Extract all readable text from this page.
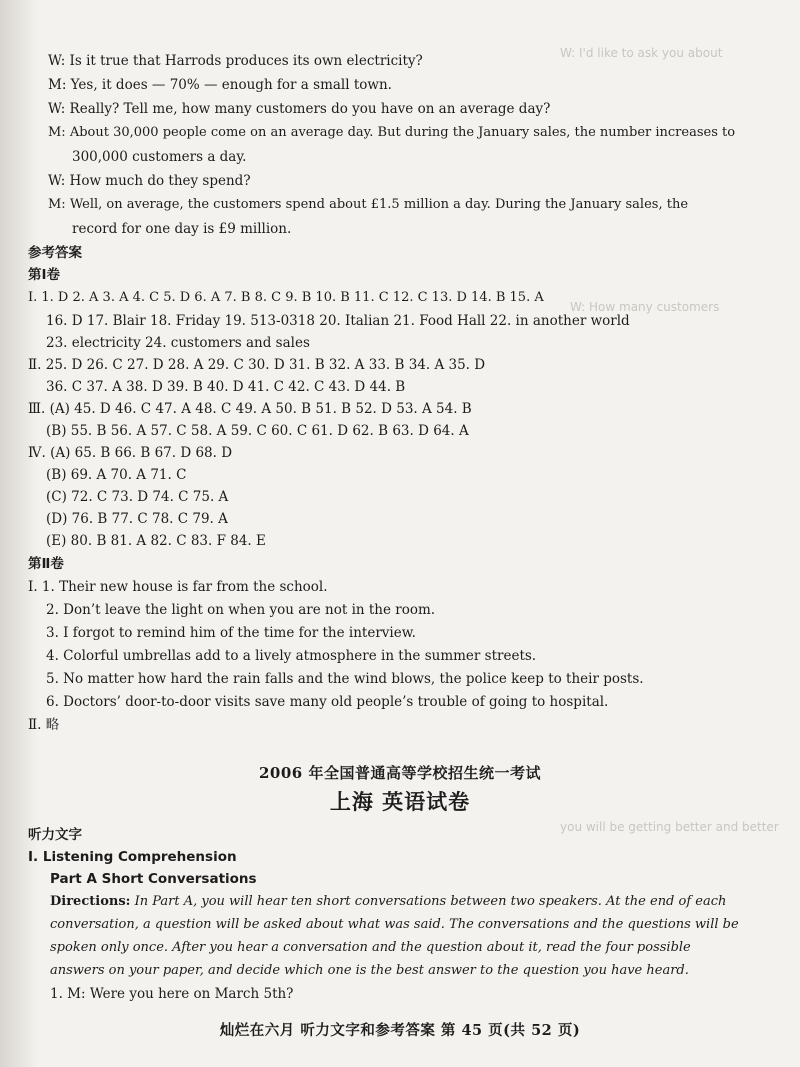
W: I'd like to ask you about
W: How many customers
you will be getting better and better
W: Is it true that Harrods produces its own electricity?
M: Yes, it does — 70% — enough for a small town.
W: Really? Tell me, how many customers do you have on an average day?
M: About 30,000 people come on an average day. But during the January sales, the number increases to
300,000 customers a day.
W: How much do they spend?
M: Well, on average, the customers spend about £1.5 million a day. During the January sales, the
record for one day is £9 million.
参考答案
第Ⅰ卷
Ⅰ. 1. D 2. A 3. A 4. C 5. D 6. A 7. B 8. C 9. B 10. B 11. C 12. C 13. D 14. B 15. A
16. D 17. Blair 18. Friday 19. 513-0318 20. Italian 21. Food Hall 22. in another world
23. electricity 24. customers and sales
Ⅱ. 25. D 26. C 27. D 28. A 29. C 30. D 31. B 32. A 33. B 34. A 35. D
36. C 37. A 38. D 39. B 40. D 41. C 42. C 43. D 44. B
Ⅲ. (A) 45. D 46. C 47. A 48. C 49. A 50. B 51. B 52. D 53. A 54. B
(B) 55. B 56. A 57. C 58. A 59. C 60. C 61. D 62. B 63. D 64. A
Ⅳ. (A) 65. B 66. B 67. D 68. D
(B) 69. A 70. A 71. C
(C) 72. C 73. D 74. C 75. A
(D) 76. B 77. C 78. C 79. A
(E) 80. B 81. A 82. C 83. F 84. E
第Ⅱ卷
Ⅰ. 1. Their new house is far from the school.
2. Don’t leave the light on when you are not in the room.
3. I forgot to remind him of the time for the interview.
4. Colorful umbrellas add to a lively atmosphere in the summer streets.
5. No matter how hard the rain falls and the wind blows, the police keep to their posts.
6. Doctors’ door-to-door visits save many old people’s trouble of going to hospital.
Ⅱ. 略
2006 年全国普通高等学校招生统一考试
上海 英语试卷
听力文字
Ⅰ. Listening Comprehension
Part A Short Conversations
Directions: In Part A, you will hear ten short conversations between two speakers. At the end of each
conversation, a question will be asked about what was said. The conversations and the questions will be
spoken only once. After you hear a conversation and the question about it, read the four possible
answers on your paper, and decide which one is the best answer to the question you have heard.
1. M: Were you here on March 5th?
灿烂在六月 听力文字和参考答案 第 45 页(共 52 页)
